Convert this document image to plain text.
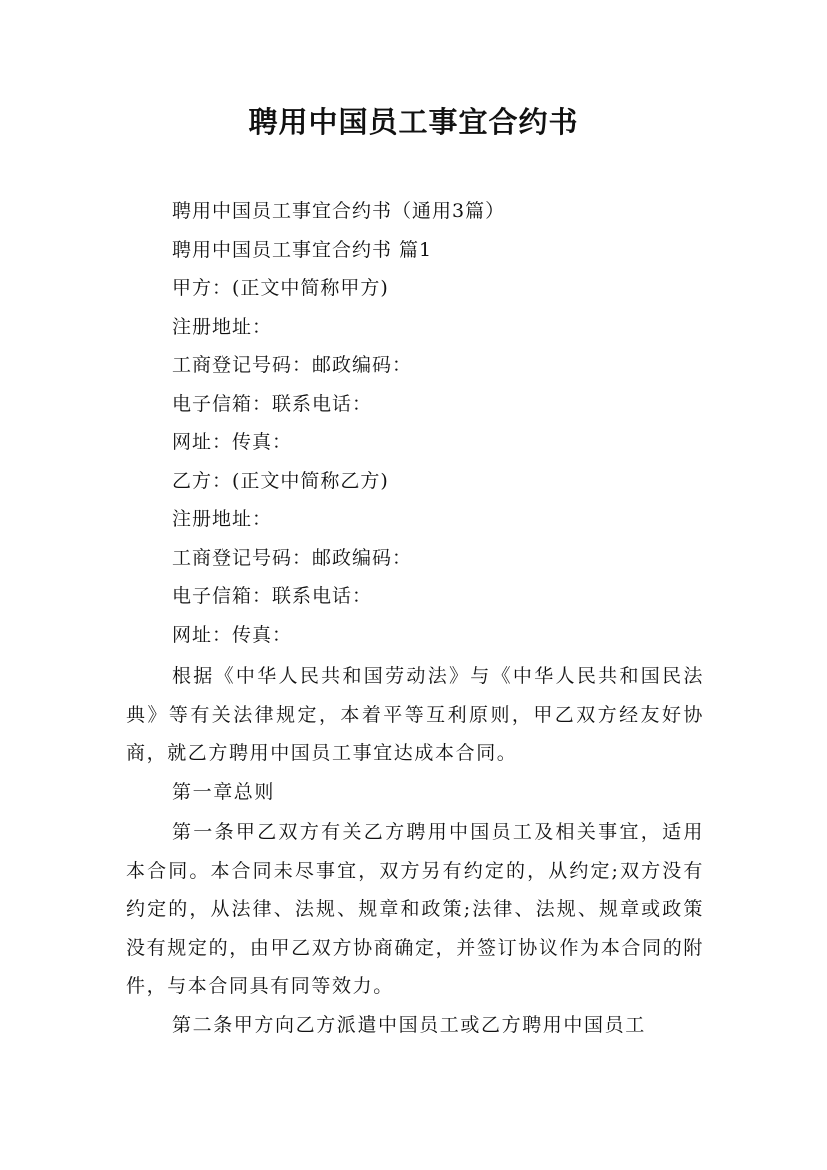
聘用中国员工事宜合约书
聘用中国员工事宜合约书（通用3篇）
聘用中国员工事宜合约书 篇1
甲方：(正文中简称甲方)
注册地址：
工商登记号码：邮政编码：
电子信箱：联系电话：
网址：传真：
乙方：(正文中简称乙方)
注册地址：
工商登记号码：邮政编码：
电子信箱：联系电话：
网址：传真：
根据《中华人民共和国劳动法》与《中华人民共和国民法典》等有关法律规定，本着平等互利原则，甲乙双方经友好协商，就乙方聘用中国员工事宜达成本合同。
第一章总则
第一条甲乙双方有关乙方聘用中国员工及相关事宜，适用本合同。本合同未尽事宜，双方另有约定的，从约定;双方没有约定的，从法律、法规、规章和政策;法律、法规、规章或政策没有规定的，由甲乙双方协商确定，并签订协议作为本合同的附件，与本合同具有同等效力。
第二条甲方向乙方派遣中国员工或乙方聘用中国员工
